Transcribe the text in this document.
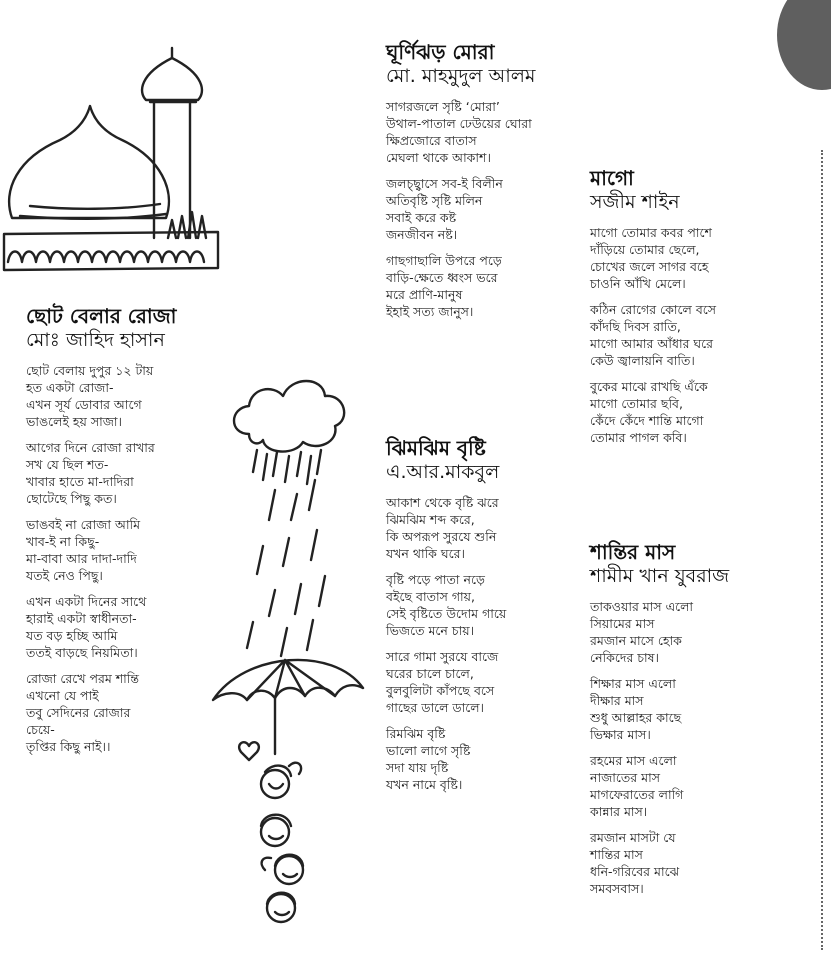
ছোট বেলার রোজা
মোঃ জাহিদ হাসান
ছোট বেলায় দুপুর ১২ টায়
হত একটা রোজা-
এখন সূর্য ডোবার আগে
ভাঙলেই হয় সাজা।
আগের দিনে রোজা রাখার
সখ যে ছিল শত-
খাবার হাতে মা-দাদিরা
ছোটেছে পিছু কত।
ভাঙবই না রোজা আমি
খাব-ই না কিছু-
মা-বাবা আর দাদা-দাদি
যতই নেও পিছু।
এখন একটা দিনের সাথে
হারাই একটা স্বাধীনতা-
যত বড় হচ্ছি আমি
ততই বাড়ছে নিয়মিতা।
রোজা রেখে পরম শান্তি
এখনো যে পাই
তবু সেদিনের রোজার
চেয়ে-
তৃপ্তির কিছু নাই।।
ঘূর্ণিঝড় মোরা
মো. মাহমুদুল আলম
সাগরজলে সৃষ্টি ‘মোরা’
উথাল-পাতাল ঢেউয়ের ঘোরা
ক্ষিপ্রজোরে বাতাস
মেঘলা থাকে আকাশ।
জলচ্ছ্বাসে সব-ই বিলীন
অতিবৃষ্টি সৃষ্টি মলিন
সবাই করে কষ্ট
জনজীবন নষ্ট।
গাছগাছালি উপরে পড়ে
বাড়ি-ক্ষেতে ধ্বংস ভরে
মরে প্রাণি-মানুষ
ইহাই সত্য জানুস।
ঝিমঝিম বৃষ্টি
এ.আর.মাকবুল
আকাশ থেকে বৃষ্টি ঝরে
ঝিমঝিম শব্দ করে,
কি অপরূপ সুরযে শুনি
যখন থাকি ঘরে।
বৃষ্টি পড়ে পাতা নড়ে
বইছে বাতাস গায়,
সেই বৃষ্টিতে উদোম গায়ে
ভিজতে মনে চায়।
সারে গামা সুরযে বাজে
ঘরের চালে চালে,
বুলবুলিটা কাঁপছে বসে
গাছের ডালে ডালে।
রিমঝিম বৃষ্টি
ভালো লাগে সৃষ্টি
সদা যায় দৃষ্টি
যখন নামে বৃষ্টি।
মাগো
সজীম শাইন
মাগো তোমার কবর পাশে
দাঁড়িয়ে তোমার ছেলে,
চোখের জলে সাগর বহে
চাওনি আঁখি মেলে।
কঠিন রোগের কোলে বসে
কাঁদছি দিবস রাতি,
মাগো আমার আঁধার ঘরে
কেউ জ্বালায়নি বাতি।
বুকের মাঝে রাখছি এঁকে
মাগো তোমার ছবি,
কেঁদে কেঁদে শান্তি মাগো
তোমার পাগল কবি।
শান্তির মাস
শামীম খান যুবরাজ
তাকওয়ার মাস এলো
সিয়ামের মাস
রমজান মাসে হোক
নেকিদের চাষ।
শিক্ষার মাস এলো
দীক্ষার মাস
শুধু আল্লাহর কাছে
ভিক্ষার মাস।
রহমের মাস এলো
নাজাতের মাস
মাগফেরাতের লাগি
কান্নার মাস।
রমজান মাসটা যে
শান্তির মাস
ধনি-গরিবের মাঝে
সমবসবাস।
